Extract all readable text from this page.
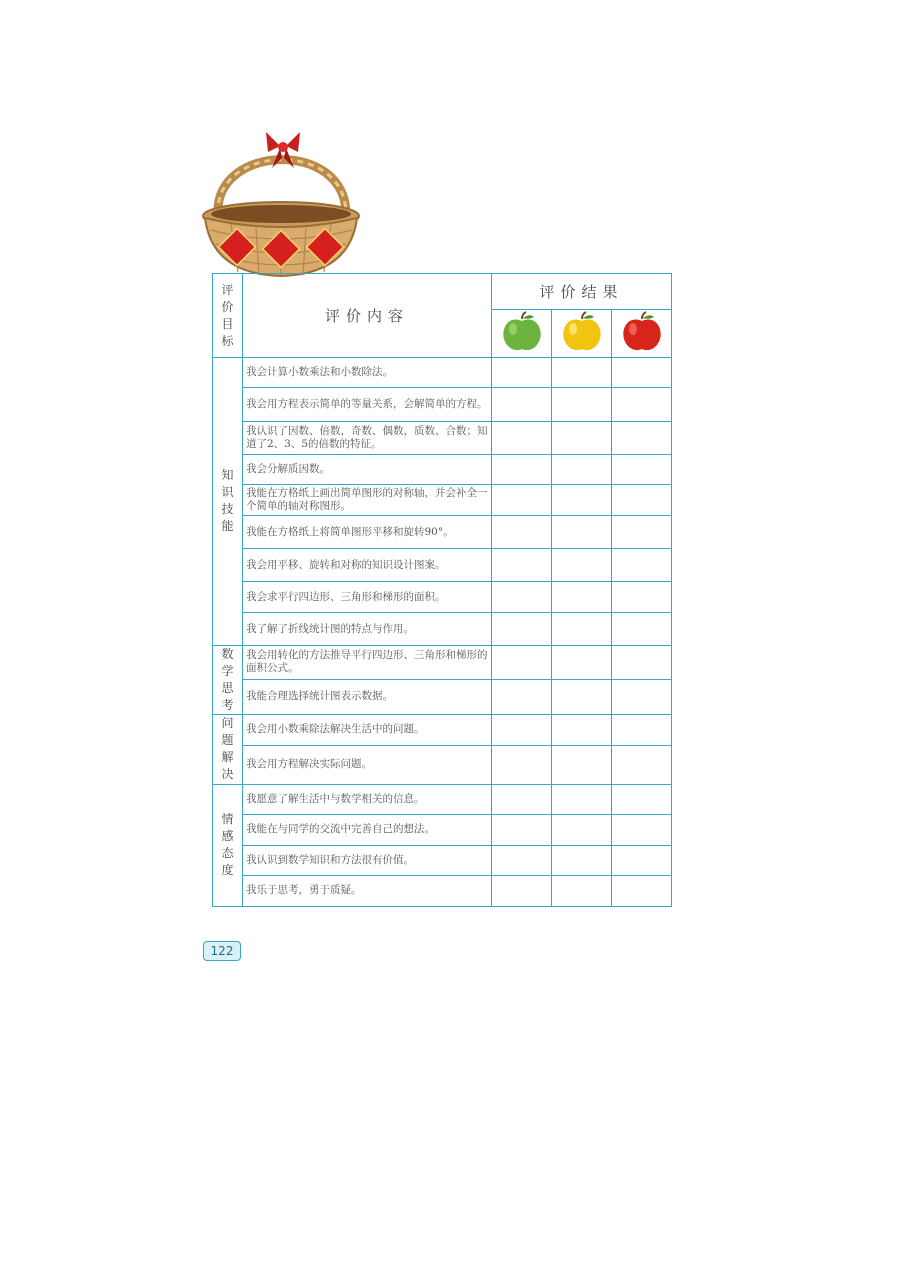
评价目标	评价内容	评价结果		

知识技能	我会计算小数乘法和小数除法。			
	我会用方程表示简单的等量关系，会解简单的方程。			
	我认识了因数、倍数，奇数、偶数，质数、合数；知道了2、3、5的倍数的特征。			
	我会分解质因数。			
	我能在方格纸上画出简单图形的对称轴，并会补全一个简单的轴对称图形。			
	我能在方格纸上将简单图形平移和旋转90°。			
	我会用平移、旋转和对称的知识设计图案。			
	我会求平行四边形、三角形和梯形的面积。			
	我了解了折线统计图的特点与作用。			
数学思考	我会用转化的方法推导平行四边形、三角形和梯形的面积公式。			
	我能合理选择统计图表示数据。			
问题解决	我会用小数乘除法解决生活中的问题。			
	我会用方程解决实际问题。			
情感态度	我愿意了解生活中与数学相关的信息。			
	我能在与同学的交流中完善自己的想法。			
	我认识到数学知识和方法很有价值。			
	我乐于思考，勇于质疑。			
122
